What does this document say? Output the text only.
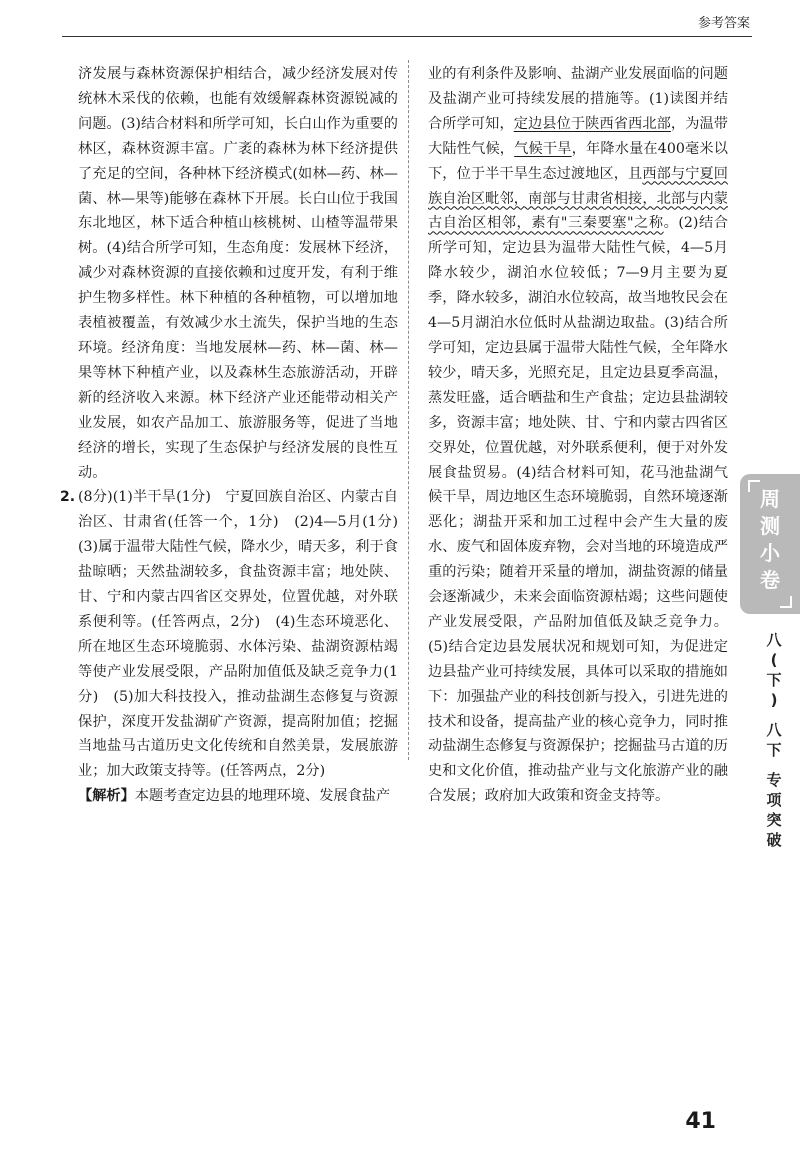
参考答案
济发展与森林资源保护相结合，减少经济发展对传统林木采伐的依赖，也能有效缓解森林资源锐减的问题。(3)结合材料和所学可知，长白山作为重要的林区，森林资源丰富。广袤的森林为林下经济提供了充足的空间，各种林下经济模式(如林—药、林—菌、林—果等)能够在森林下开展。长白山位于我国东北地区，林下适合种植山核桃树、山楂等温带果树。(4)结合所学可知，生态角度：发展林下经济，减少对森林资源的直接依赖和过度开发，有利于维护生物多样性。林下种植的各种植物，可以增加地表植被覆盖，有效减少水土流失，保护当地的生态环境。经济角度：当地发展林—药、林—菌、林—果等林下种植产业，以及森林生态旅游活动，开辟新的经济收入来源。林下经济产业还能带动相关产业发展，如农产品加工、旅游服务等，促进了当地经济的增长，实现了生态保护与经济发展的良性互动。
2. (8分)(1)半干旱(1分)　宁夏回族自治区、内蒙古自治区、甘肃省(任答一个，1分)　(2)4—5月(1分)　(3)属于温带大陆性气候，降水少，晴天多，利于食盐晾晒；天然盐湖较多，食盐资源丰富；地处陕、甘、宁和内蒙古四省区交界处，位置优越，对外联系便利等。(任答两点，2分)　(4)生态环境恶化、所在地区生态环境脆弱、水体污染、盐湖资源枯竭等使产业发展受限，产品附加值低及缺乏竞争力(1分)　(5)加大科技投入，推动盐湖生态修复与资源保护，深度开发盐湖矿产资源，提高附加值；挖掘当地盐马古道历史文化传统和自然美景，发展旅游业；加大政策支持等。(任答两点，2分)
【解析】本题考查定边县的地理环境、发展食盐产
业的有利条件及影响、盐湖产业发展面临的问题及盐湖产业可持续发展的措施等。(1)读图并结合所学可知，定边县位于陕西省西北部，为温带大陆性气候，气候干旱，年降水量在400毫米以下，位于半干旱生态过渡地区，且西部与宁夏回族自治区毗邻，南部与甘肃省相接，北部与内蒙古自治区相邻，素有"三秦要塞"之称。(2)结合所学可知，定边县为温带大陆性气候，4—5月降水较少，湖泊水位较低；7—9月主要为夏季，降水较多，湖泊水位较高，故当地牧民会在4—5月湖泊水位低时从盐湖边取盐。(3)结合所学可知，定边县属于温带大陆性气候，全年降水较少，晴天多，光照充足，且定边县夏季高温，蒸发旺盛，适合晒盐和生产食盐；定边县盐湖较多，资源丰富；地处陕、甘、宁和内蒙古四省区交界处，位置优越，对外联系便利，便于对外发展食盐贸易。(4)结合材料可知，花马池盐湖气候干旱，周边地区生态环境脆弱，自然环境逐渐恶化；湖盐开采和加工过程中会产生大量的废水、废气和固体废弃物，会对当地的环境造成严重的污染；随着开采量的增加，湖盐资源的储量会逐渐减少，未来会面临资源枯竭；这些问题使产业发展受限，产品附加值低及缺乏竞争力。(5)结合定边县发展状况和规划可知，为促进定边县盐产业可持续发展，具体可以采取的措施如下：加强盐产业的科技创新与投入，引进先进的技术和设备，提高盐产业的核心竞争力，同时推动盐湖生态修复与资源保护；挖掘盐马古道的历史和文化价值，推动盐产业与文化旅游产业的融合发展；政府加大政策和资金支持等。
周
测
小
卷
八
(
下
)
八
下
专
项
突
破
41
